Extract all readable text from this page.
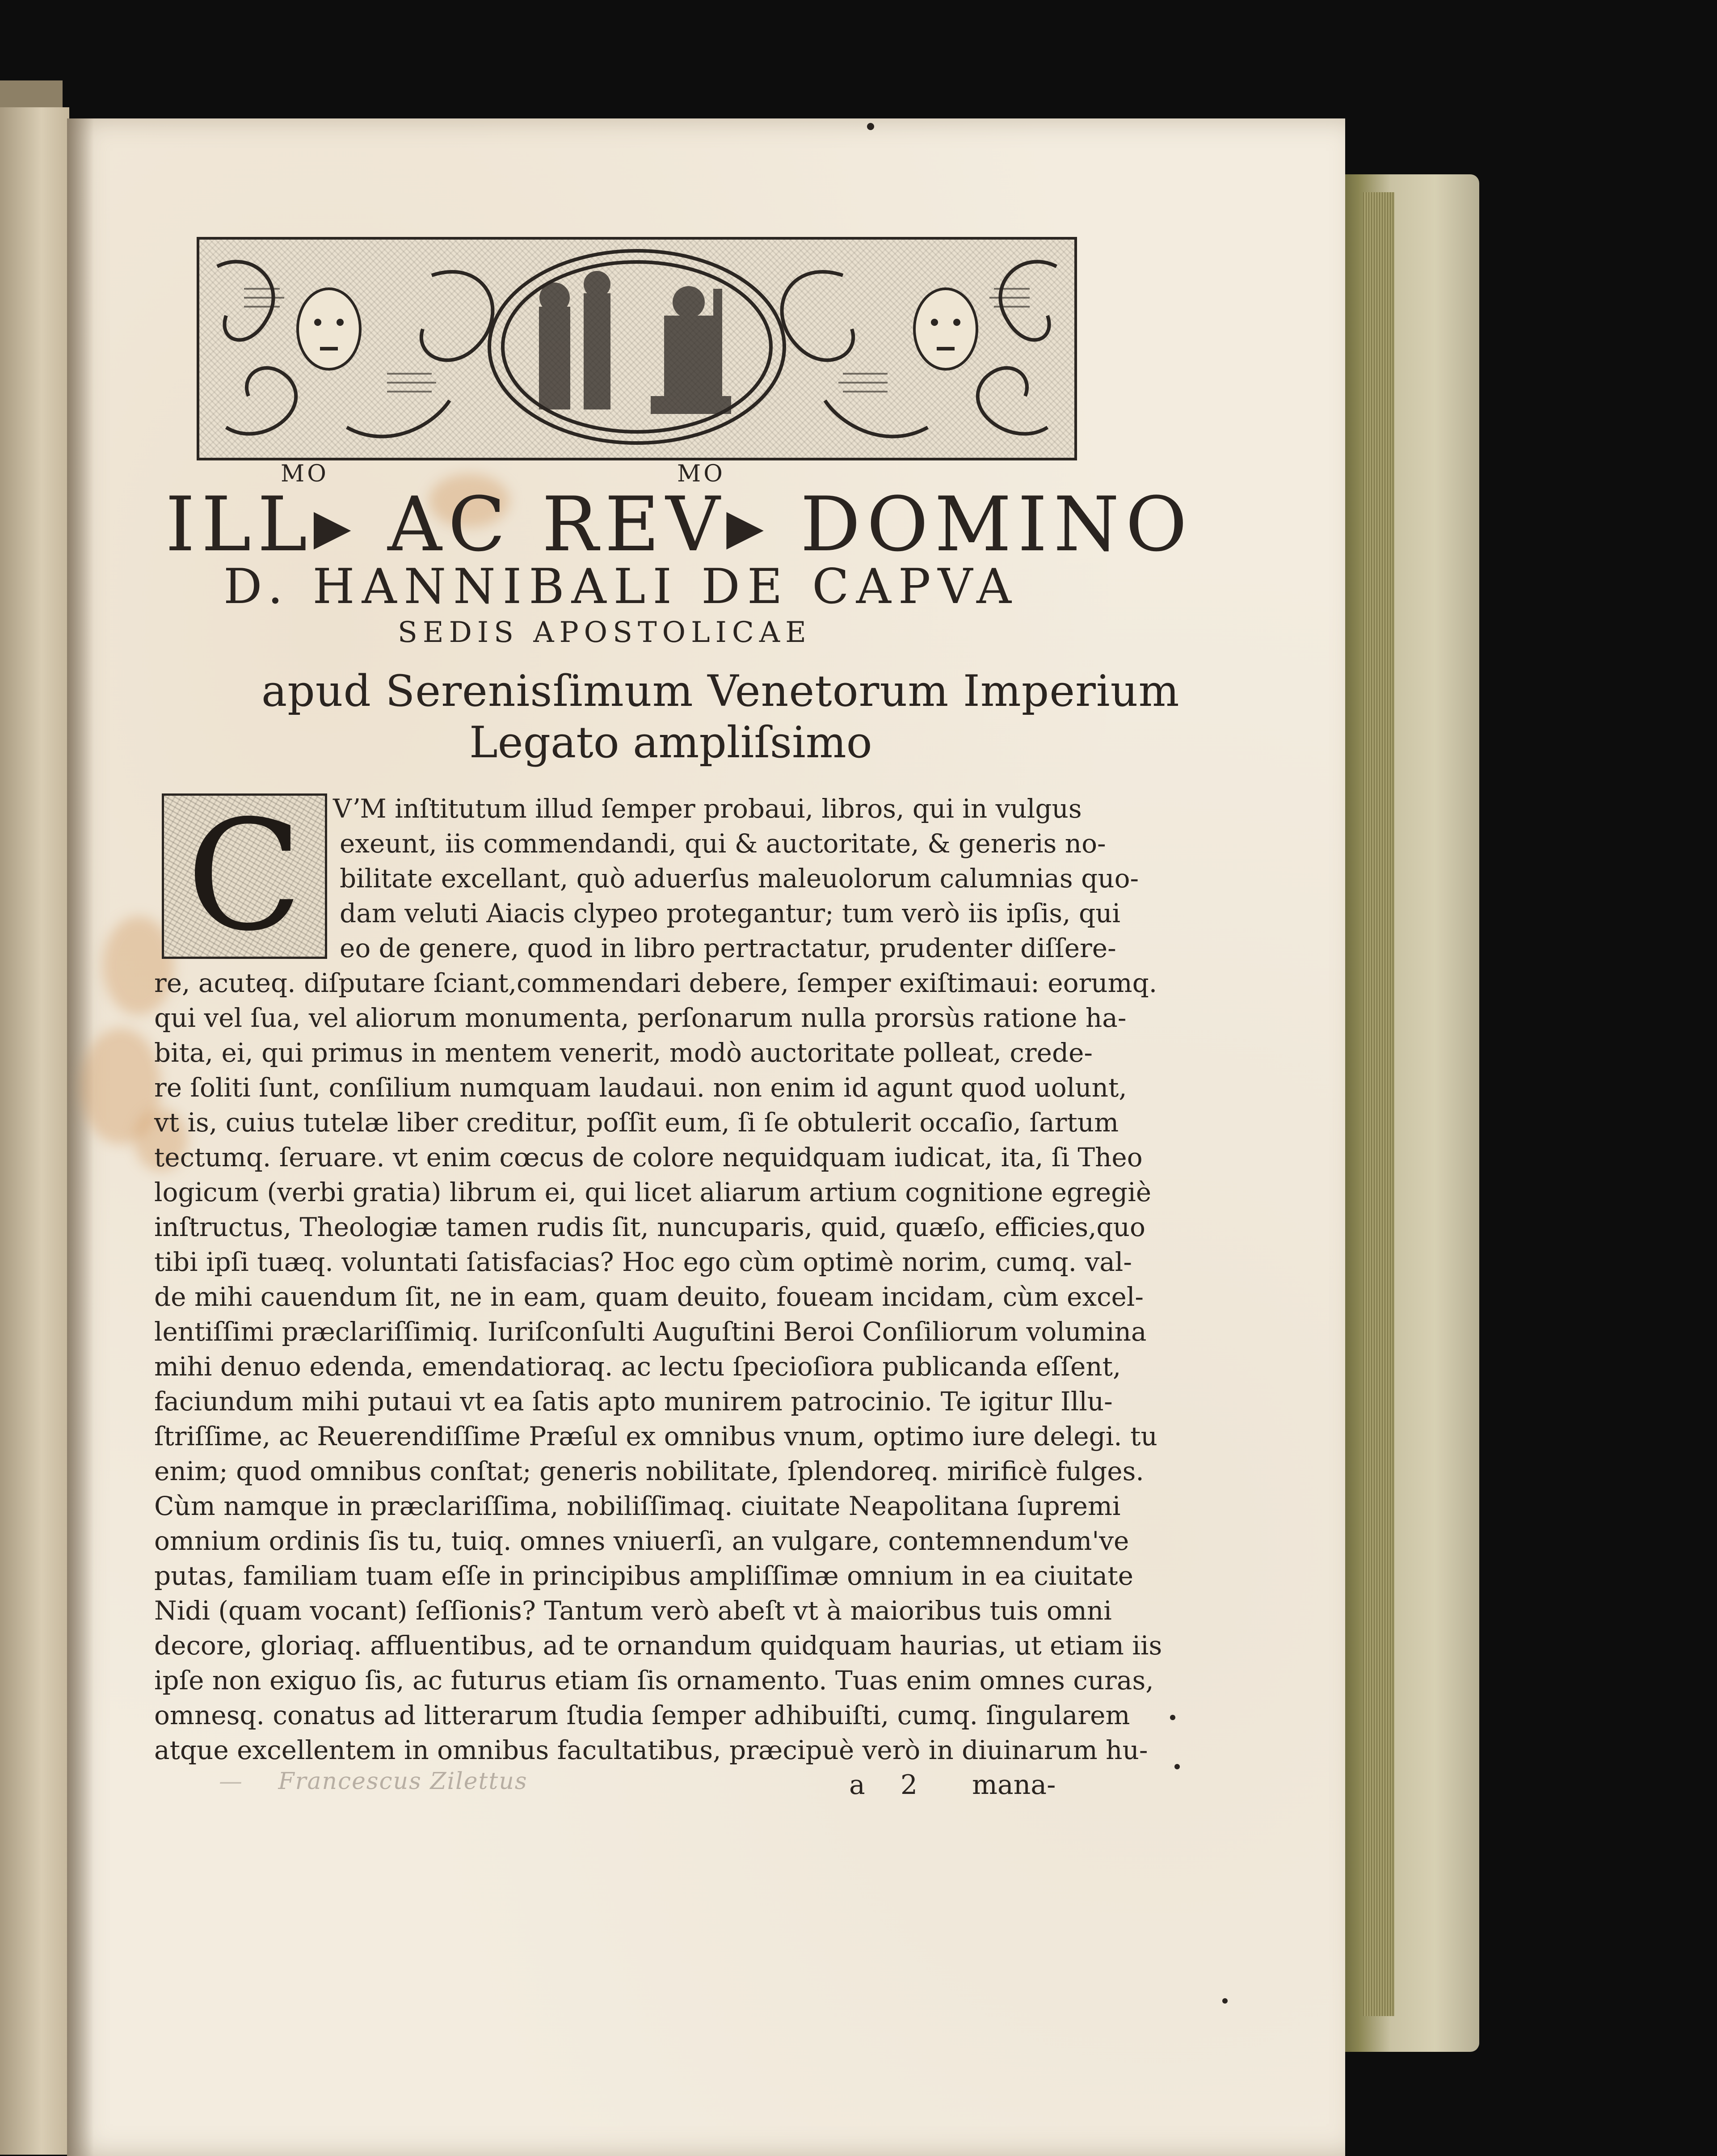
MO	MO
ILL▸ AC REV▸ DOMINO
D. HANNIBALI DE CAPVA
SEDIS APOSTOLICAE
apud Serenisſimum Venetorum Imperium
Legato ampliſsimo
C	VʼM inſtitutum illud ſemper probaui, libros, qui in vulgus
exeunt, iis commendandi, qui & auctoritate, & generis no-
bilitate excellant, quò aduerſus maleuolorum calumnias quo-
dam veluti Aiacis clypeo protegantur; tum verò iis ipſis, qui
eo de genere, quod in libro pertractatur, prudenter diſſere-
re, acuteq. diſputare ſciant,commendari debere, ſemper exiſtimaui: eorumq.
qui vel ſua, vel aliorum monumenta, perſonarum nulla prorsùs ratione ha-
bita, ei, qui primus in mentem venerit, modò auctoritate polleat, crede-
re ſoliti ſunt, conſilium numquam laudaui. non enim id agunt quod uolunt,
vt is, cuius tutelæ liber creditur, poſſit eum, ſi ſe obtulerit occaſio, ſartum
tectumq. ſeruare. vt enim cœcus de colore nequidquam iudicat, ita, ſi Theo
logicum (verbi gratia) librum ei, qui licet aliarum artium cognitione egregiè
inſtructus, Theologiæ tamen rudis ſit, nuncuparis, quid, quæſo, efficies,quo
tibi ipſi tuæq. voluntati ſatisfacias? Hoc ego cùm optimè norim, cumq. val-
de mihi cauendum ſit, ne in eam, quam deuito, foueam incidam, cùm excel-
lentiſſimi præclariſſimiq. Iuriſconſulti Auguſtini Beroi Conſiliorum volumina
mihi denuo edenda, emendatioraq. ac lectu ſpecioſiora publicanda eſſent,
faciundum mihi putaui vt ea ſatis apto munirem patrocinio. Te igitur Illu-
ſtriſſime, ac Reuerendiſſime Præſul ex omnibus vnum, optimo iure delegi. tu
enim; quod omnibus conſtat; generis nobilitate, ſplendoreq. mirificè fulges.
Cùm namque in præclariſſima, nobiliſſimaq. ciuitate Neapolitana ſupremi
omnium ordinis ſis tu, tuiq. omnes vniuerſi, an vulgare, contemnendum've
putas, familiam tuam eſſe in principibus ampliſſimæ omnium in ea ciuitate
Nidi (quam vocant) ſeſſionis? Tantum verò abeſt vt à maioribus tuis omni
decore, gloriaq. affluentibus, ad te ornandum quidquam haurias, ut etiam iis
ipſe non exiguo ſis, ac futurus etiam ſis ornamento. Tuas enim omnes curas,
omnesq. conatus ad litterarum ſtudia ſemper adhibuiſti, cumq. ſingularem
atque excellentem in omnibus facultatibus, præcipuè verò in diuinarum hu-
— Francescus Zilettus	a 2 mana-
